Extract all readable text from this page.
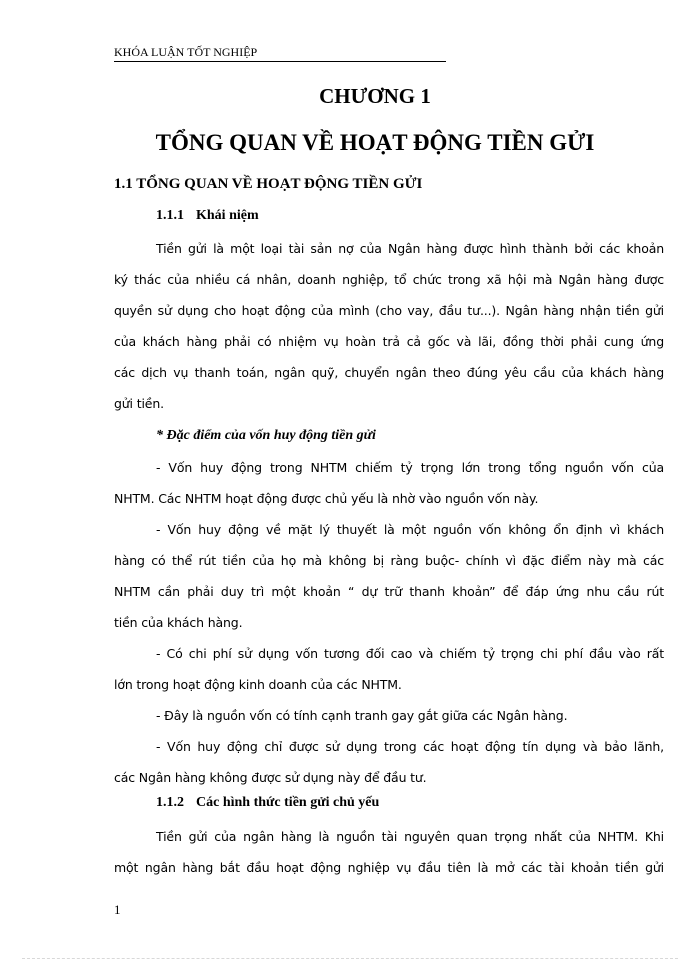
KHÓA LUẬN TỐT NGHIỆP
CHƯƠNG 1
TỔNG QUAN VỀ HOẠT ĐỘNG TIỀN GỬI
1.1 TỔNG QUAN VỀ HOẠT ĐỘNG TIỀN GỬI
1.1.1 Khái niệm
Tiền gửi là một loại tài sản nợ của Ngân hàng được hình thành bởi các khoản
ký thác của nhiều cá nhân, doanh nghiệp, tổ chức trong xã hội mà Ngân hàng được
quyền sử dụng cho hoạt động của mình (cho vay, đầu tư...). Ngân hàng nhận tiền gửi
của khách hàng phải có nhiệm vụ hoàn trả cả gốc và lãi, đồng thời phải cung ứng
các dịch vụ thanh toán, ngân quỹ, chuyển ngân theo đúng yêu cầu của khách hàng
gửi tiền.
* Đặc điểm của vốn huy động tiền gửi
- Vốn huy động trong NHTM chiếm tỷ trọng lớn trong tổng nguồn vốn của
NHTM. Các NHTM hoạt động được chủ yếu là nhờ vào nguồn vốn này.
- Vốn huy động về mặt lý thuyết là một nguồn vốn không ổn định vì khách
hàng có thể rút tiền của họ mà không bị ràng buộc- chính vì đặc điểm này mà các
NHTM cần phải duy trì một khoản “ dự trữ thanh khoản” để đáp ứng nhu cầu rút
tiền của khách hàng.
- Có chi phí sử dụng vốn tương đối cao và chiếm tỷ trọng chi phí đầu vào rất
lớn trong hoạt động kinh doanh của các NHTM.
- Đây là nguồn vốn có tính cạnh tranh gay gắt giữa các Ngân hàng.
- Vốn huy động chỉ được sử dụng trong các hoạt động tín dụng và bảo lãnh,
các Ngân hàng không được sử dụng này để đầu tư.
1.1.2 Các hình thức tiền gửi chủ yếu
Tiền gửi của ngân hàng là nguồn tài nguyên quan trọng nhất của NHTM. Khi
một ngân hàng bắt đầu hoạt động nghiệp vụ đầu tiên là mở các tài khoản tiền gửi
1
